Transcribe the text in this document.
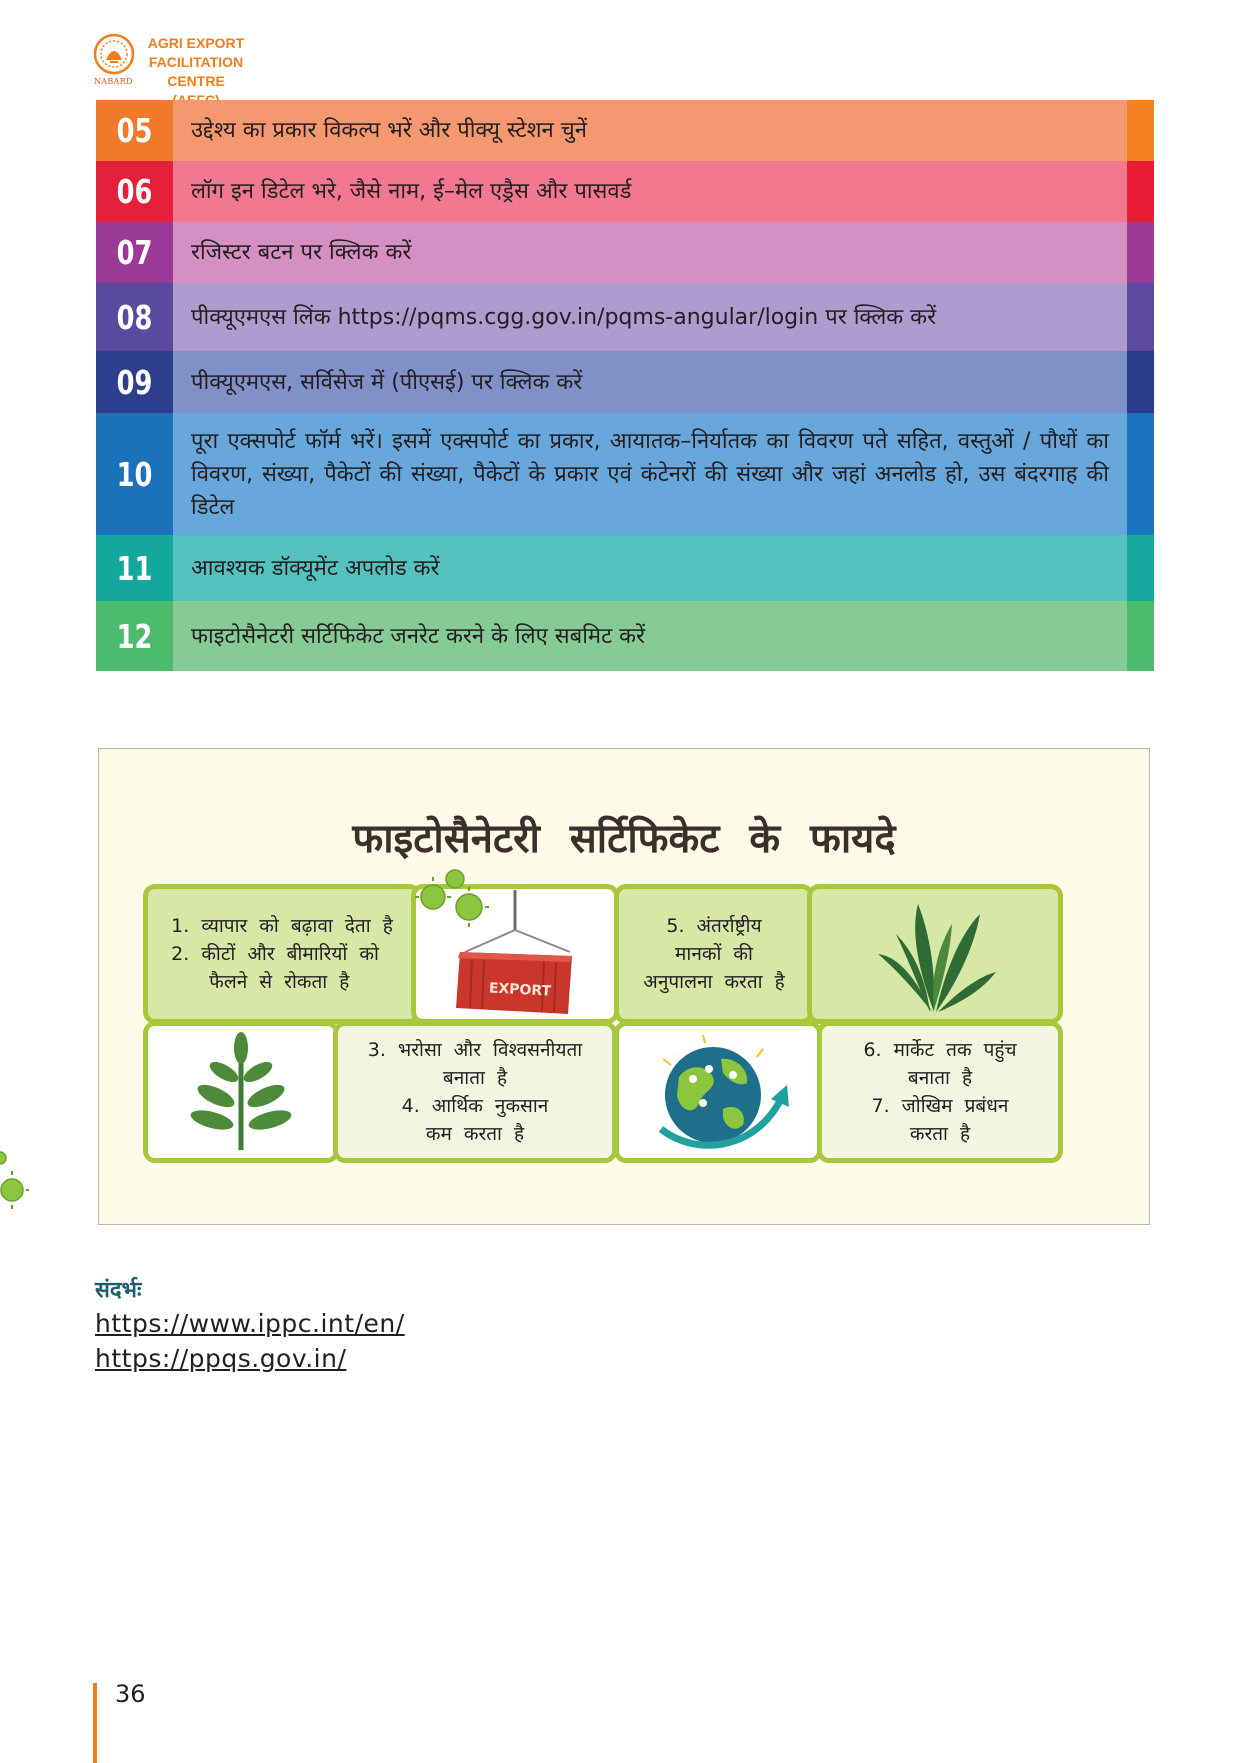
NABARD
AGRI EXPORT
FACILITATION
CENTRE
05	उद्देश्य का प्रकार विकल्प भरें और पीक्यू स्टेशन चुनें
06	लॉग इन डिटेल भरे, जैसे नाम, ई–मेल एड्रैस और पासवर्ड
07	रजिस्टर बटन पर क्लिक करें
08	पीक्यूएमएस लिंक https://pqms.cgg.gov.in/pqms-angular/login पर क्लिक करें
09	पीक्यूएमएस, सर्विसेज में (पीएसई) पर क्लिक करें
10
पूरा एक्सपोर्ट फॉर्म भरें। इसमें एक्सपोर्ट का प्रकार, आयातक–निर्यातक का विवरण पते सहित, वस्तुओं / पौधों का विवरण, संख्या, पैकेटों की संख्या, पैकेटों के प्रकार एवं कंटेनरों की संख्या और जहां अनलोड हो, उस बंदरगाह की डिटेल
11	आवश्यक डॉक्यूमेंट अपलोड करें
12	फाइटोसैनेटरी सर्टिफिकेट जनरेट करने के लिए सबमिट करें
फाइटोसैनेटरी सर्टिफिकेट के फायदे
1. व्यापार को बढ़ावा देता है
2. कीटों और बीमारियों को
फैलने से रोकता है	EXPORT
5. अंतर्राष्ट्रीय
मानकों की
अनुपालना करता है
3. भरोसा और विश्वसनीयता
बनाता है
4. आर्थिक नुकसान
कम करता है
6. मार्केट तक पहुंच
बनाता है
7. जोखिम प्रबंधन
करता है
संदर्भः
https://www.ippc.int/en/
https://ppqs.gov.in/
36
